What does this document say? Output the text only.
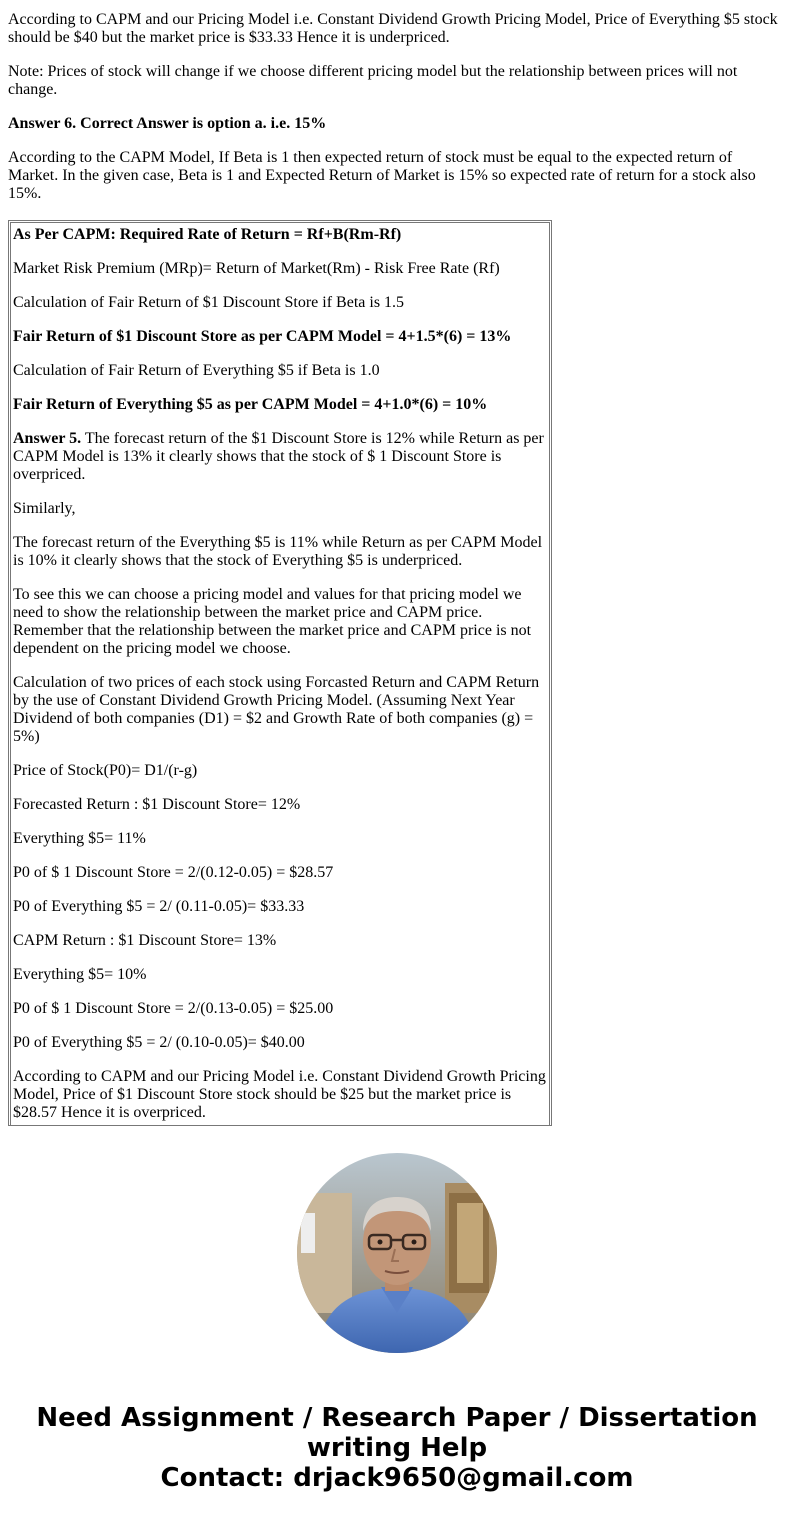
According to CAPM and our Pricing Model i.e. Constant Dividend Growth Pricing Model, Price of Everything $5 stock should be $40 but the market price is $33.33 Hence it is underpriced.

Note: Prices of stock will change if we choose different pricing model but the relationship between prices will not change.

Answer 6. Correct Answer is option a. i.e. 15%

According to the CAPM Model, If Beta is 1 then expected return of stock must be equal to the expected return of Market. In the given case, Beta is 1 and Expected Return of Market is 15% so expected rate of return for a stock also 15%.

As Per CAPM: Required Rate of Return = Rf+B(Rm-Rf)

Market Risk Premium (MRp)= Return of Market(Rm) - Risk Free Rate (Rf)

Calculation of Fair Return of $1 Discount Store if Beta is 1.5

Fair Return of $1 Discount Store as per CAPM Model = 4+1.5*(6) = 13%

Calculation of Fair Return of Everything $5 if Beta is 1.0

Fair Return of Everything $5 as per CAPM Model = 4+1.0*(6) = 10%

Answer 5. The forecast return of the $1 Discount Store is 12% while Return as per CAPM Model is 13% it clearly shows that the stock of $ 1 Discount Store is overpriced.

Similarly,

The forecast return of the Everything $5 is 11% while Return as per CAPM Model is 10% it clearly shows that the stock of Everything $5 is underpriced.

To see this we can choose a pricing model and values for that pricing model we need to show the relationship between the market price and CAPM price. Remember that the relationship between the market price and CAPM price is not dependent on the pricing model we choose.

Calculation of two prices of each stock using Forcasted Return and CAPM Return by the use of Constant Dividend Growth Pricing Model. (Assuming Next Year Dividend of both companies (D1) = $2 and Growth Rate of both companies (g) = 5%)

Price of Stock(P0)= D1/(r-g)

Forecasted Return : $1 Discount Store= 12%

Everything $5= 11%

P0 of $ 1 Discount Store = 2/(0.12-0.05) = $28.57

P0 of Everything $5 = 2/ (0.11-0.05)= $33.33

CAPM Return : $1 Discount Store= 13%

Everything $5= 10%

P0 of $ 1 Discount Store = 2/(0.13-0.05) = $25.00

P0 of Everything $5 = 2/ (0.10-0.05)= $40.00

According to CAPM and our Pricing Model i.e. Constant Dividend Growth Pricing Model, Price of $1 Discount Store stock should be $25 but the market price is $28.57 Hence it is overpriced.

Need Assignment / Research Paper / Dissertation
writing Help
Contact: drjack9650@gmail.com
